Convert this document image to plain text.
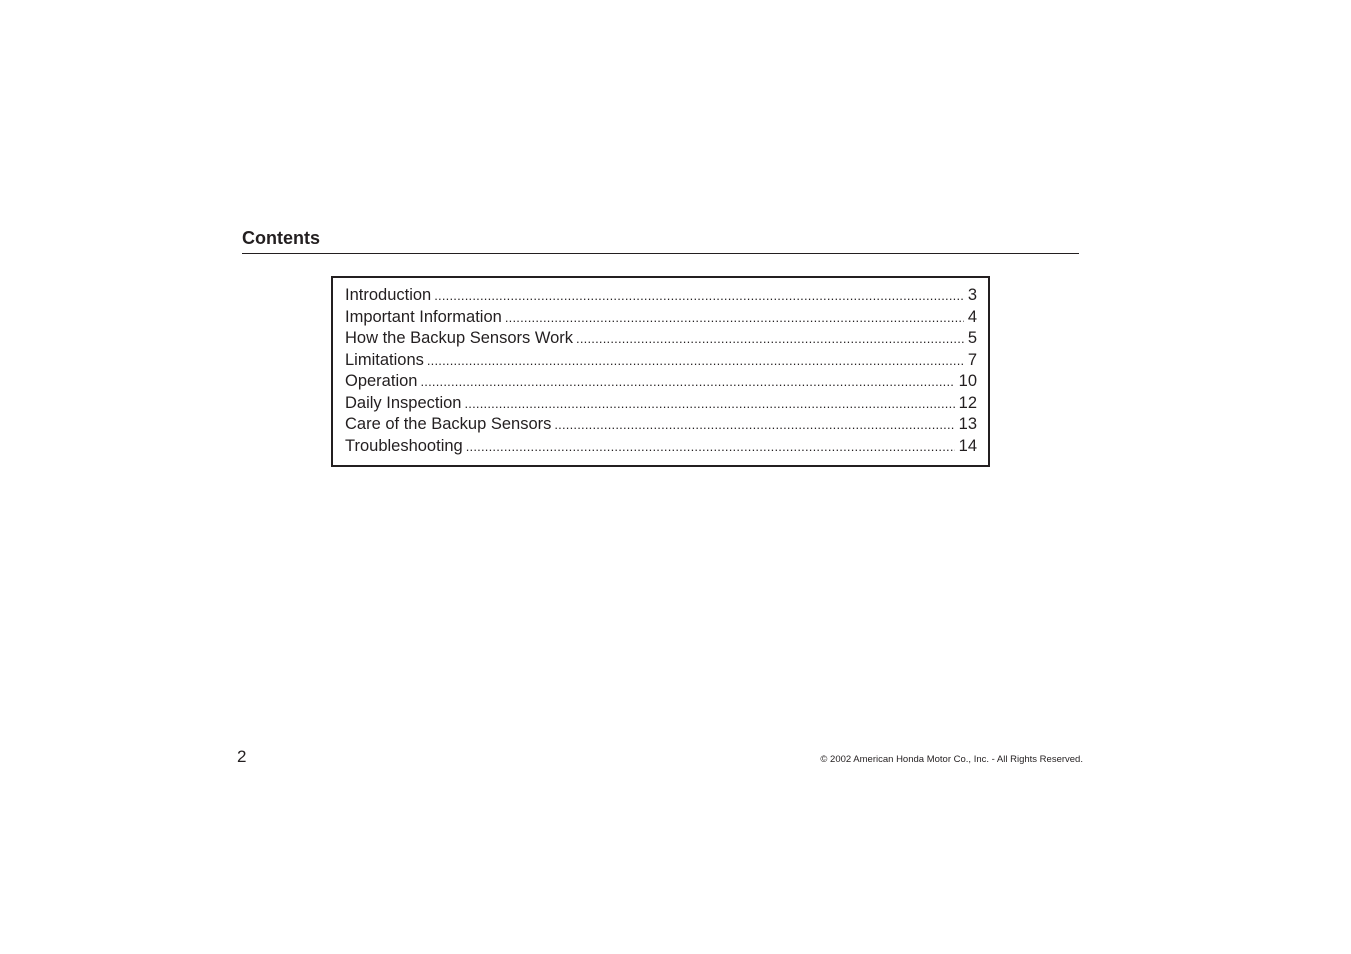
Contents
Introduction .....	3
Important Information .....	4
How the Backup Sensors Work .....	5
Limitations .....	7
Operation .....	10
Daily Inspection .....	12
Care of the Backup Sensors .....	13
Troubleshooting .....	14
2	© 2002 American Honda Motor Co., Inc. - All Rights Reserved.
